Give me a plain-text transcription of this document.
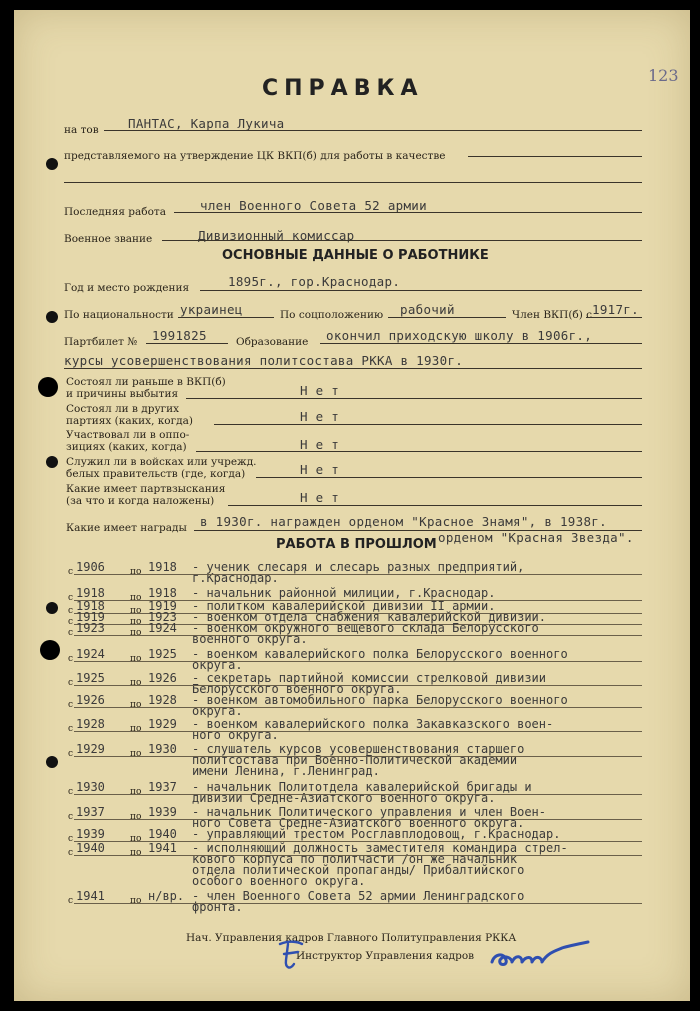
123
СПРАВКА
на тов ПАНТАС, Карпа Лукича
представляемого на утверждение ЦК ВКП(б) для работы в качестве
Последняя работа	член Военного Совета 52 армии
Военное звание	Дивизионный комиссар
ОСНОВНЫЕ ДАННЫЕ О РАБОТНИКЕ
Год и место рождения	1895г., гор.Краснодар.
По национальности украинец	По соцположению рабочий	Член ВКП(б) с 1917г.
Партбилет № 1991825	Образование окончил приходскую школу в 1906г.,
курсы усовершенствования политсостава РККА в 1930г.
Состоял ли раньше в ВКП(б)
и причины выбытия	Н е т
Состоял ли в других
партиях (каких, когда)	Н е т
Участвовал ли в оппо-
зициях (каких, когда)	Н е т
Служил ли в войсках или учрежд.
белых правительств (где, когда)	Н е т
Какие имеет партвзыскания
(за что и когда наложены)	Н е т
Какие имеет награды в 1930г. награжден орденом "Красное Знамя", в 1938г.
орденом "Красная Звезда".
РАБОТА В ПРОШЛОМ
с 1906	по 1918 - ученик слесаря и слесарь разных предприятий,
г.Краснодар.
с 1918	по 1918 - начальник районной милиции, г.Краснодар.
с 1918	по 1919 - политком кавалерийской дивизии II армии.
с 1919	по 1923 - военком отдела снабжения кавалерийской дивизии.
с 1923	по 1924 - военком окружного вещевого склада Белорусского
военного округа.
с 1924	по 1925 - военком кавалерийского полка Белорусского военного
округа.
с 1925	по 1926 - секретарь партийной комиссии стрелковой дивизии
Белорусского военного округа.
с 1926	по 1928 - военком автомобильного парка Белорусского военного
округа.
с 1928	по 1929 - военком кавалерийского полка Закавказского воен-
ного округа.
с 1929	по 1930 - слушатель курсов усовершенствования старшего
политсостава при Военно-Политической академии
имени Ленина, г.Ленинград.
с 1930	по 1937 - начальник Политотдела кавалерийской бригады и
дивизии Средне-Азиатского военного округа.
с 1937	по 1939 - начальник Политического управления и член Воен-
ного Совета Средне-Азиатского военного округа.
с 1939	по 1940 - управляющий трестом Росглавплодовощ, г.Краснодар.
с 1940	по 1941 - исполняющий должность заместителя командира стрел-
кового корпуса по политчасти /он же начальник
отдела политической пропаганды/ Прибалтийского
особого военного округа.
с 1941	по н/вр. - член Военного Совета 52 армии Ленинградского
фронта.
Нач. Управления кадров Главного Политуправления РККА
Инструктор Управления кадров
